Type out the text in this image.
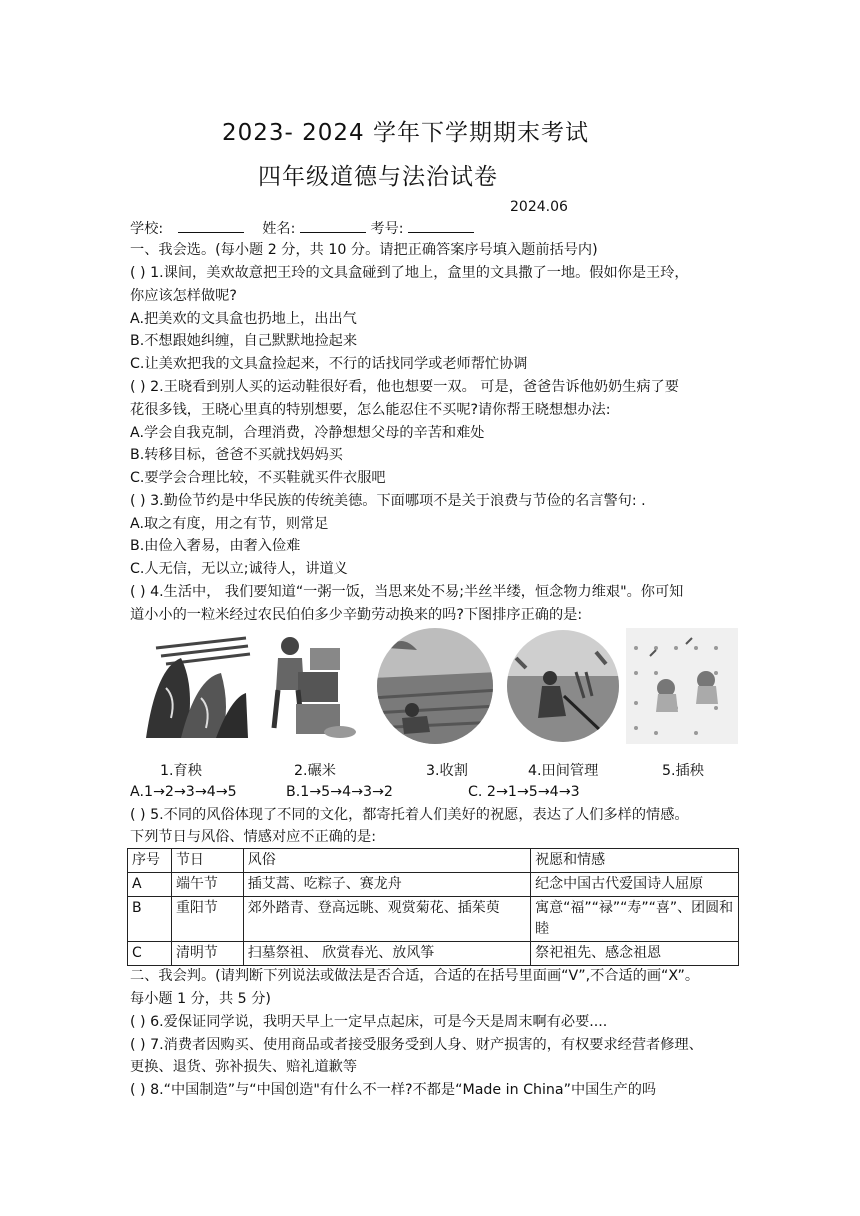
2023- 2024 学年下学期期末考试
四年级道德与法治试卷
2024.06
学校:	姓名:	考号:
一、我会选。(每小题 2 分，共 10 分。请把正确答案序号填入题前括号内)
( ) 1.课间，美欢故意把王玲的文具盒碰到了地上，盒里的文具撒了一地。假如你是王玲，
你应该怎样做呢?
A.把美欢的文具盒也扔地上，出出气
B.不想跟她纠缠，自己默默地捡起来
C.让美欢把我的文具盒捡起来，不行的话找同学或老师帮忙协调
( ) 2.王晓看到别人买的运动鞋很好看，他也想要一双。 可是，爸爸告诉他奶奶生病了要
花很多钱，王晓心里真的特别想要，怎么能忍住不买呢?请你帮王晓想想办法:
A.学会自我克制，合理消费，冷静想想父母的辛苦和难处
B.转移目标，爸爸不买就找妈妈买
C.要学会合理比较，不买鞋就买件衣服吧
( ) 3.勤俭节约是中华民族的传统美德。下面哪项不是关于浪费与节俭的名言警句: .
A.取之有度，用之有节，则常足
B.由俭入奢易，由奢入俭难
C.人无信，无以立;诚待人，讲道义
( ) 4.生活中， 我们要知道“一粥一饭，当思来处不易;半丝半缕，恒念物力维艰"。你可知
道小小的一粒米经过农民伯伯多少辛勤劳动换来的吗?下图排序正确的是:
1.育秧	2.碾米	3.收割	4.田间管理	5.插秧
A.1→2→3→4→5	B.1→5→4→3→2	C. 2→1→5→4→3
( ) 5.不同的风俗体现了不同的文化，都寄托着人们美好的祝愿，表达了人们多样的情感。
下列节日与风俗、情感对应不正确的是:
序号	节日	风俗	祝愿和情感
A	端午节	插艾蒿、吃粽子、赛龙舟	纪念中国古代爱国诗人屈原
B	重阳节	郊外踏青、登高远眺、观赏菊花、插茱萸	寓意“福”“禄”“寿”“喜”、团圆和睦
C	清明节	扫墓祭祖、 欣赏春光、放风筝	祭祀祖先、感念祖恩
二、我会判。(请判断下列说法或做法是否合适，合适的在括号里面画“V”,不合适的画“X”。
每小题 1 分，共 5 分)
( ) 6.爱保证同学说，我明天早上一定早点起床，可是今天是周末啊有必要....
( ) 7.消费者因购买、使用商品或者接受服务受到人身、财产损害的，有权要求经营者修理、
更换、退货、弥补损失、赔礼道歉等
( ) 8.“中国制造”与“中国创造"有什么不一样?不都是“Made in China”中国生产的吗
